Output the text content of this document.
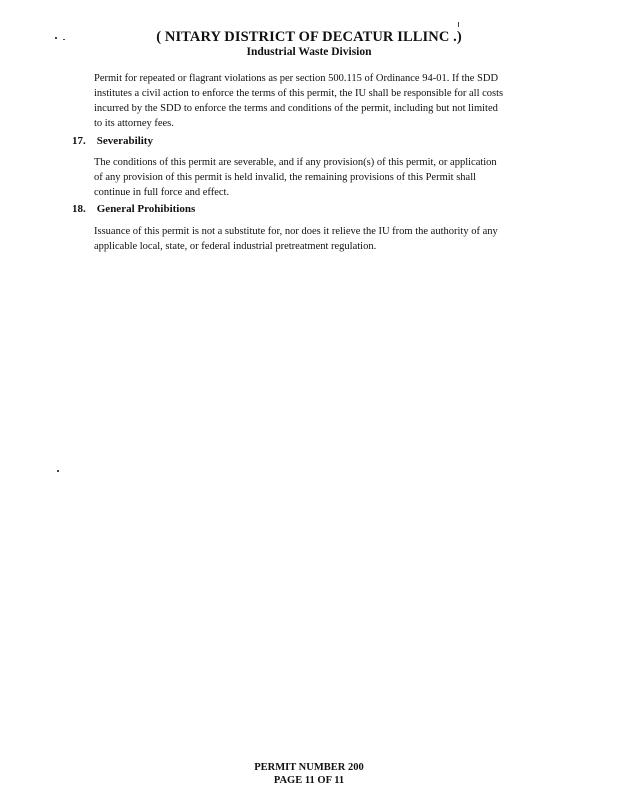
( NITARY DISTRICT OF DECATUR ILLINC .)
Industrial Waste Division
Permit for repeated or flagrant violations as per section 500.115 of Ordinance 94-01. If the SDD
institutes a civil action to enforce the terms of this permit, the IU shall be responsible for all costs
incurred by the SDD to enforce the terms and conditions of the permit, including but not limited
to its attorney fees.
17. Severability
The conditions of this permit are severable, and if any provision(s) of this permit, or application
of any provision of this permit is held invalid, the remaining provisions of this Permit shall
continue in full force and effect.
18. General Prohibitions
Issuance of this permit is not a substitute for, nor does it relieve the IU from the authority of any
applicable local, state, or federal industrial pretreatment regulation.
PERMIT NUMBER 200
PAGE 11 OF 11
